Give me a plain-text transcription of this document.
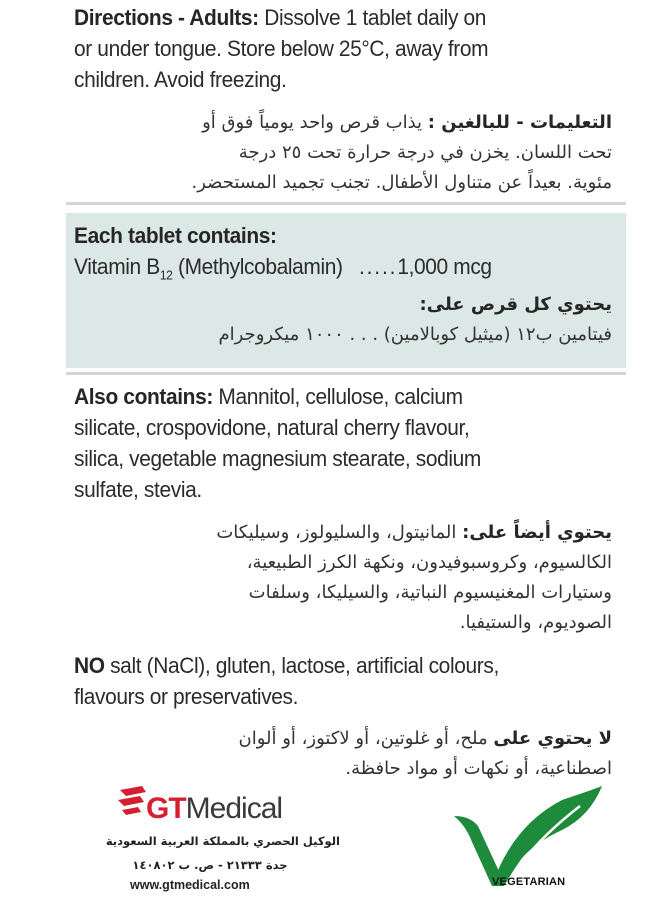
Directions - Adults: Dissolve 1 tablet daily on
or under tongue. Store below 25°C, away from
children. Avoid freezing.
التعليمات - للبالغين : يذاب قرص واحد يومياً فوق أو
تحت اللسان. يخزن في درجة حرارة تحت ٢٥ درجة
مئوية. بعيداً عن متناول الأطفال. تجنب تجميد المستحضر.
Each tablet contains:
Vitamin $B_{12}$ (Methylcobalamin) .....1,000 mcg
يحتوي كل قرص على:
فيتامين ب١٢ (ميثيل كوبالامين) . . . ١٠٠٠ ميكروجرام
Also contains: Mannitol, cellulose, calcium
silicate, crospovidone, natural cherry flavour,
silica, vegetable magnesium stearate, sodium
sulfate, stevia.
يحتوي أيضاً على: المانيتول، والسليولوز، وسيليكات
الكالسيوم، وكروسبوفيدون، ونكهة الكرز الطبيعية،
وستيارات المغنيسيوم النباتية، والسيليكا، وسلفات
الصوديوم، والستيفيا.
NO salt (NaCl), gluten, lactose, artificial colours,
flavours or preservatives.
لا يحتوي على ملح، أو غلوتين، أو لاكتوز، أو ألوان
اصطناعية، أو نكهات أو مواد حافظة.
GTMedical
الوكيل الحصري بالمملكة العربية السعودية
جدة ٢١٣٣٣ - ص. ب ١٤٠٨٠٢
www.gtmedical.com	VEGETARIAN
